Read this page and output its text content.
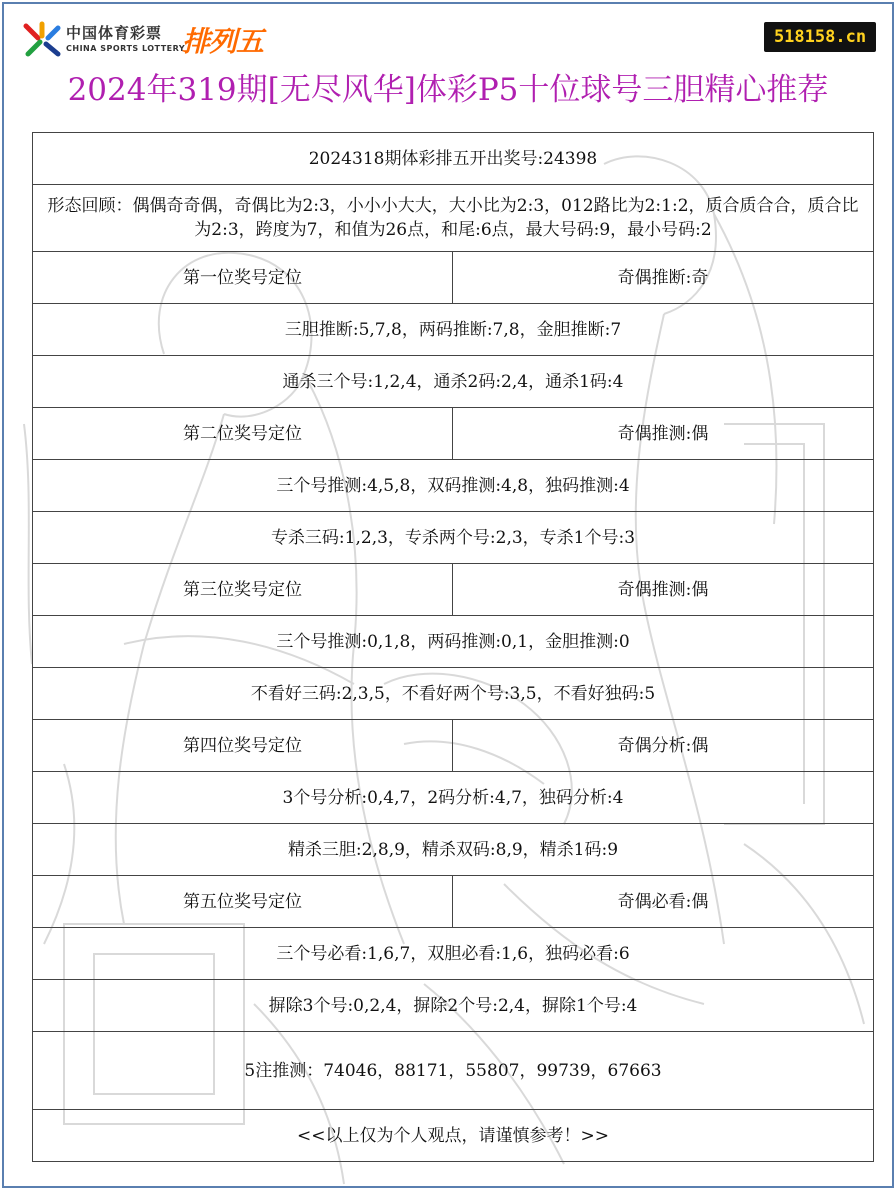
中国体育彩票
CHINA SPORTS LOTTERY
排列五	518158.cn
2024年319期[无尽风华]体彩P5十位球号三胆精心推荐
2024318期体彩排五开出奖号:24398	
形态回顾：偶偶奇奇偶，奇偶比为2:3，小小小大大，大小比为2:3，012路比为2:1:2，质合质合合，质合比为2:3，跨度为7，和值为26点，和尾:6点，最大号码:9，最小号码:2	
第一位奖号定位	奇偶推断:奇
三胆推断:5,7,8，两码推断:7,8，金胆推断:7	
通杀三个号:1,2,4，通杀2码:2,4，通杀1码:4	
第二位奖号定位	奇偶推测:偶
三个号推测:4,5,8，双码推测:4,8，独码推测:4	
专杀三码:1,2,3，专杀两个号:2,3，专杀1个号:3	
第三位奖号定位	奇偶推测:偶
三个号推测:0,1,8，两码推测:0,1，金胆推测:0	
不看好三码:2,3,5，不看好两个号:3,5，不看好独码:5	
第四位奖号定位	奇偶分析:偶
3个号分析:0,4,7，2码分析:4,7，独码分析:4	
精杀三胆:2,8,9，精杀双码:8,9，精杀1码:9	
第五位奖号定位	奇偶必看:偶
三个号必看:1,6,7，双胆必看:1,6，独码必看:6	
摒除3个号:0,2,4，摒除2个号:2,4，摒除1个号:4	
5注推测：74046，88171，55807，99739，67663	
<<以上仅为个人观点，请谨慎参考！>>	
